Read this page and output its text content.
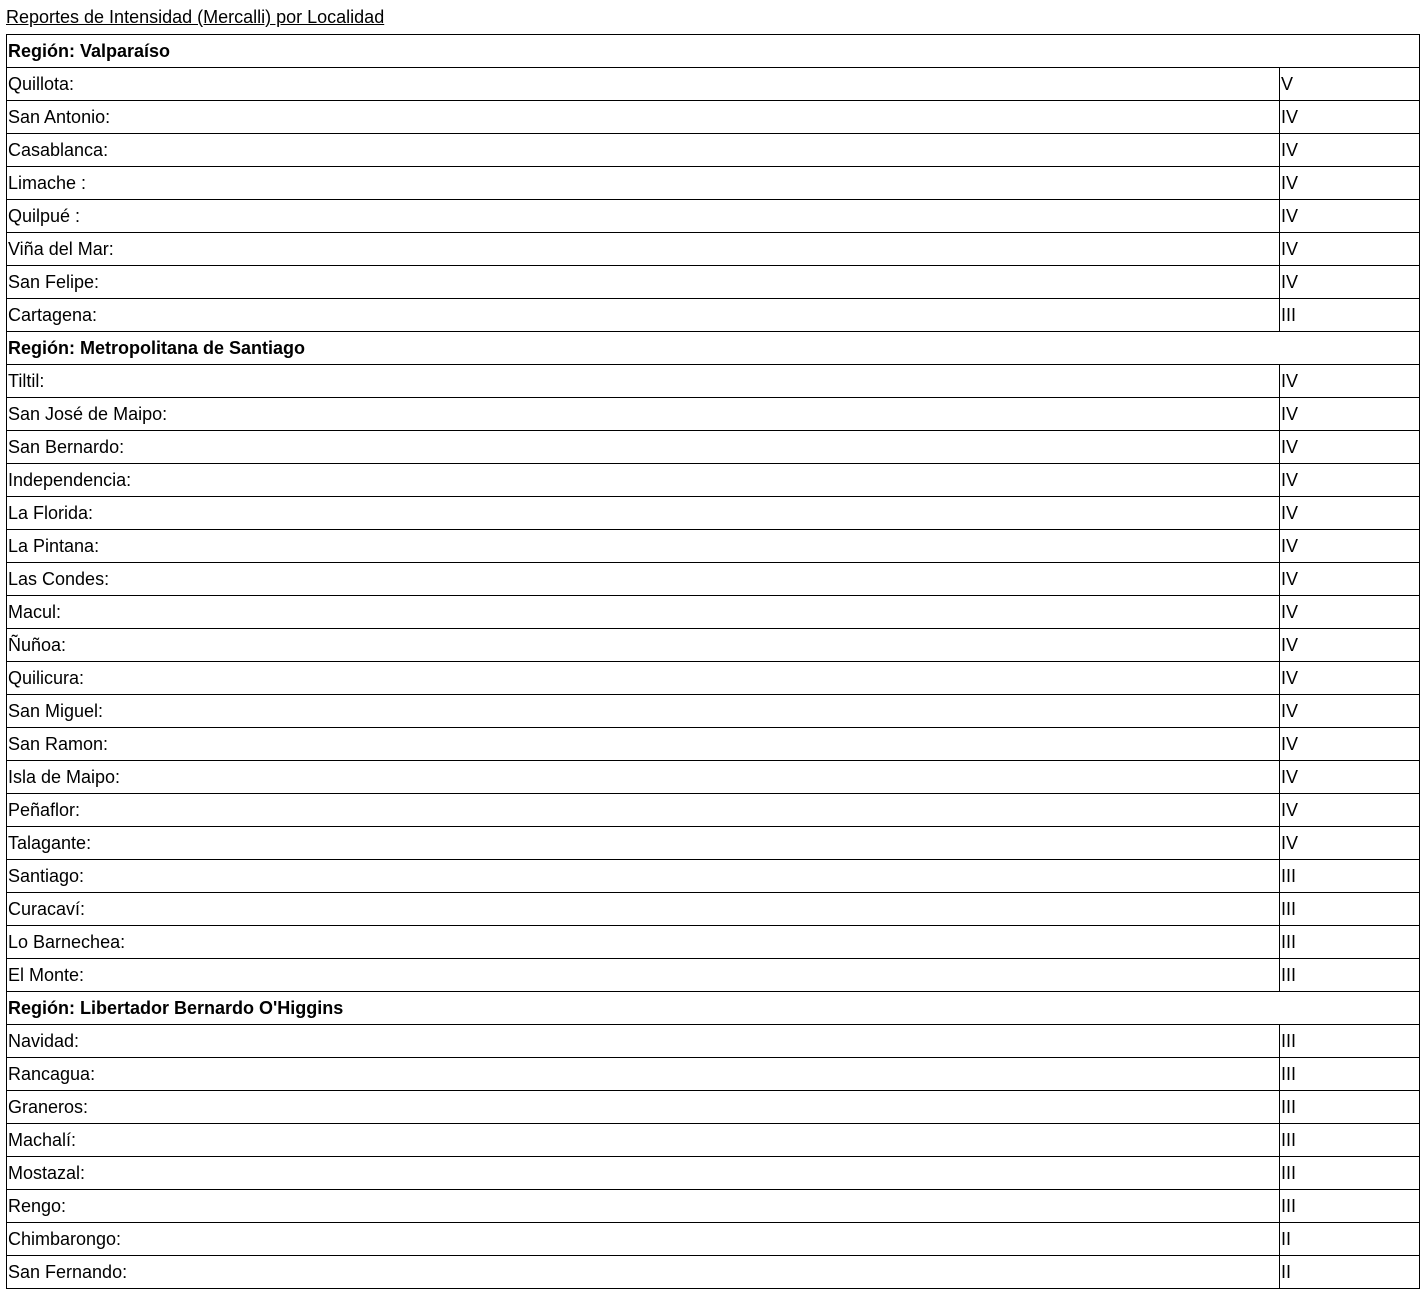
Reportes de Intensidad (Mercalli) por Localidad
Región: Valparaíso	
Quillota:	V
San Antonio:	IV
Casablanca:	IV
Limache :	IV
Quilpué :	IV
Viña del Mar:	IV
San Felipe:	IV
Cartagena:	III
Región: Metropolitana de Santiago	
Tiltil:	IV
San José de Maipo:	IV
San Bernardo:	IV
Independencia:	IV
La Florida:	IV
La Pintana:	IV
Las Condes:	IV
Macul:	IV
Ñuñoa:	IV
Quilicura:	IV
San Miguel:	IV
San Ramon:	IV
Isla de Maipo:	IV
Peñaflor:	IV
Talagante:	IV
Santiago:	III
Curacaví:	III
Lo Barnechea:	III
El Monte:	III
Región: Libertador Bernardo O'Higgins	
Navidad:	III
Rancagua:	III
Graneros:	III
Machalí:	III
Mostazal:	III
Rengo:	III
Chimbarongo:	II
San Fernando:	II
